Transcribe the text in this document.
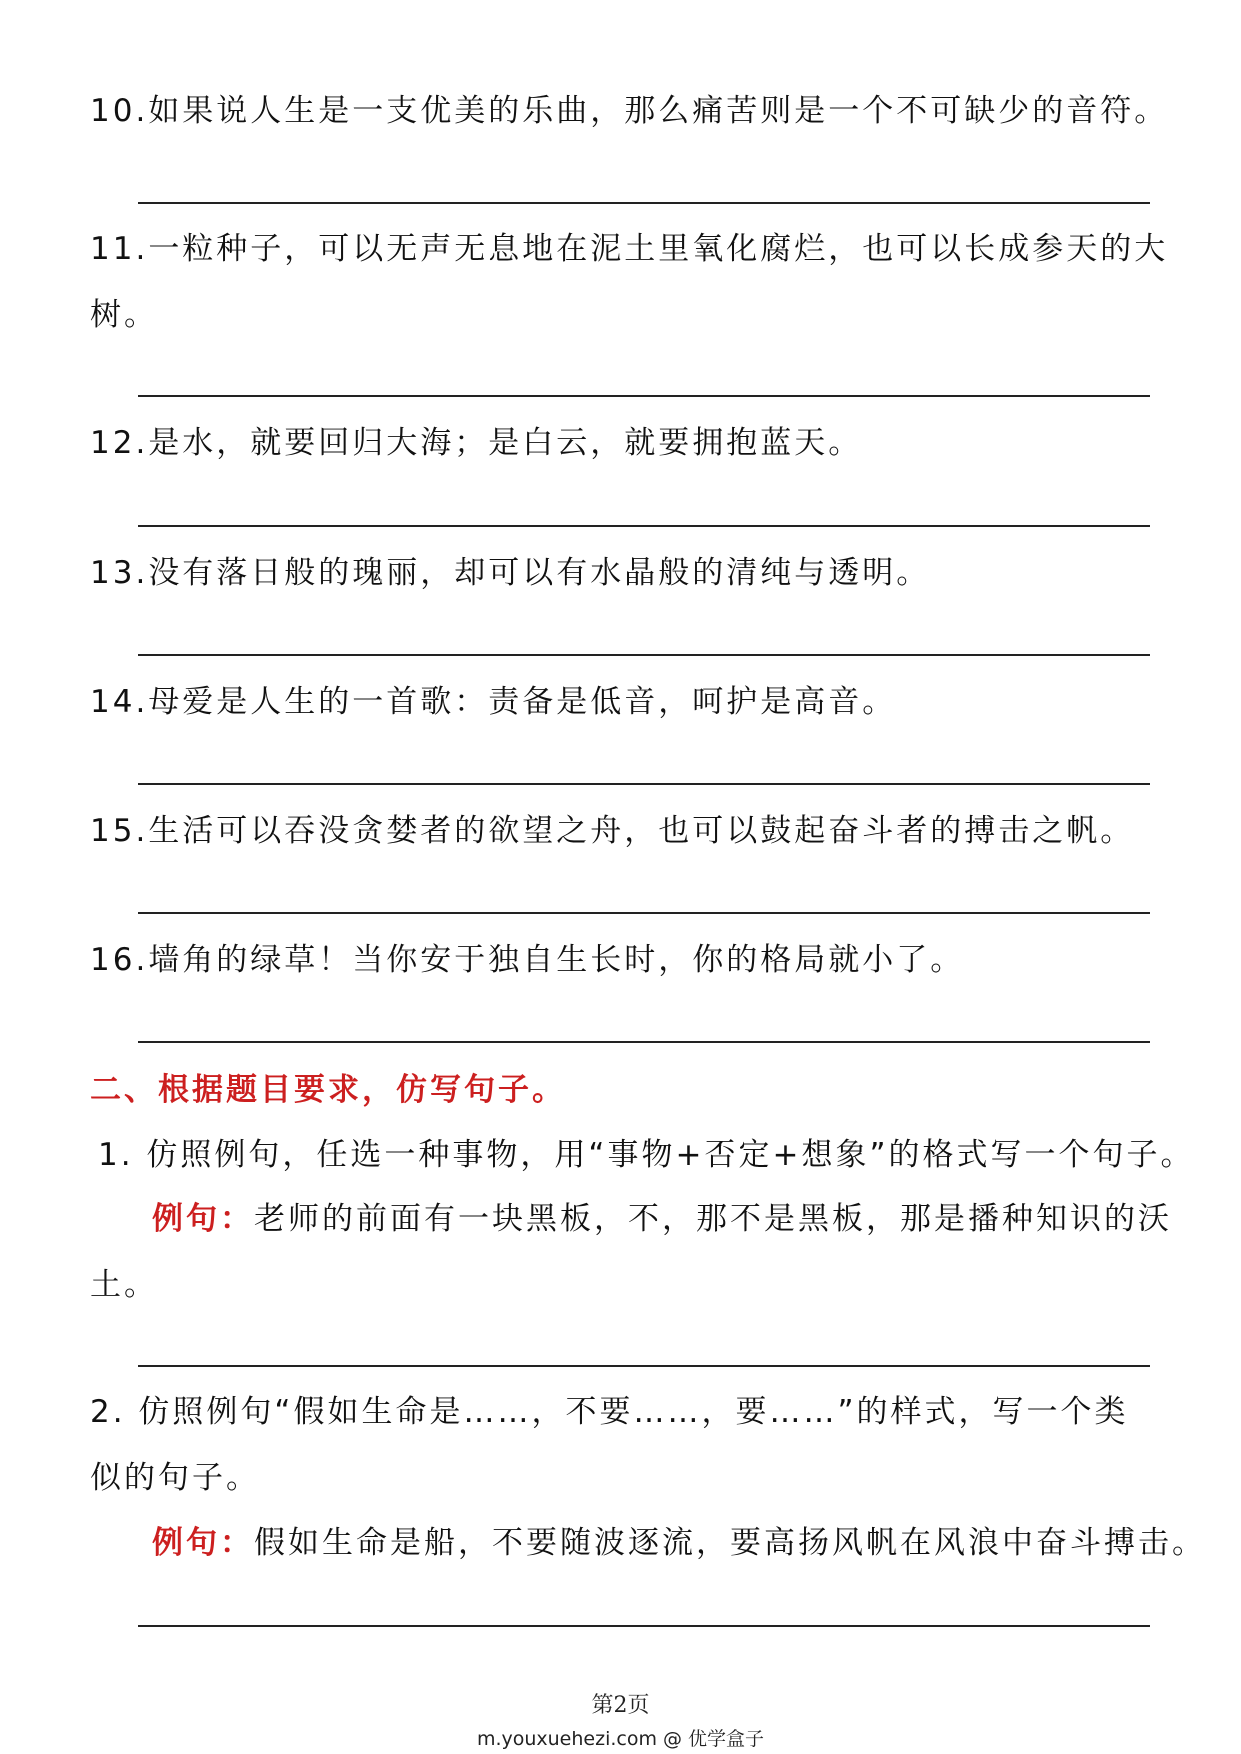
10.如果说人生是一支优美的乐曲，那么痛苦则是一个不可缺少的音符。
11.一粒种子，可以无声无息地在泥土里氧化腐烂，也可以长成参天的大
树。
12.是水，就要回归大海；是白云，就要拥抱蓝天。
13.没有落日般的瑰丽，却可以有水晶般的清纯与透明。
14.母爱是人生的一首歌：责备是低音，呵护是高音。
15.生活可以吞没贪婪者的欲望之舟，也可以鼓起奋斗者的搏击之帆。
16.墙角的绿草！当你安于独自生长时，你的格局就小了。
二、根据题目要求，仿写句子。
1. 仿照例句，任选一种事物，用“事物+否定+想象”的格式写一个句子。
例句：老师的前面有一块黑板，不，那不是黑板，那是播种知识的沃
土。
2. 仿照例句“假如生命是……，不要……，要……”的样式，写一个类
似的句子。
例句：假如生命是船，不要随波逐流，要高扬风帆在风浪中奋斗搏击。
第2页
m.youxuehezi.com @ 优学盒子
